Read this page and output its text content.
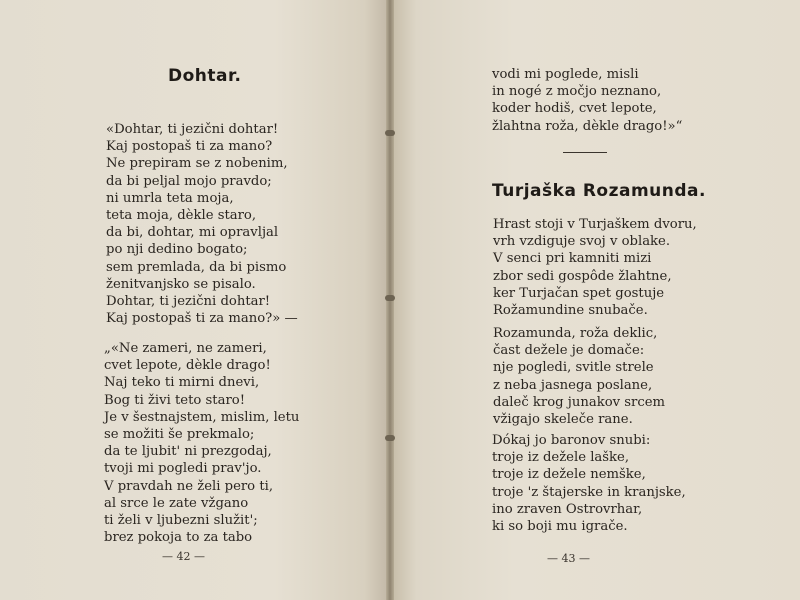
Dohtar.
«Dohtar, ti jezični dohtar!
Kaj postopaš ti za mano?
Ne prepiram se z nobenim,
da bi peljal mojo pravdo;
ni umrla teta moja,
teta moja, dèkle staro,
da bi, dohtar, mi opravljal
po nji dedino bogato;
sem premlada, da bi pismo
ženitvanjsko se pisalo.
Dohtar, ti jezični dohtar!
Kaj postopaš ti za mano?» —
„«Ne zameri, ne zameri,
cvet lepote, dèkle drago!
Naj teko ti mirni dnevi,
Bog ti živi teto staro!
Je v šestnajstem, mislim, letu
se možiti še prekmalo;
da te ljubit' ni prezgodaj,
tvoji mi pogledi prav'jo.
V pravdah ne želi pero ti,
al srce le zate vžgano
ti želi v ljubezni služit';
brez pokoja to za tabo
— 42 —
vodi mi poglede, misli
in nogé z močjo neznano,
koder hodiš, cvet lepote,
žlahtna roža, dèkle drago!»“
Turjaška Rozamunda.
Hrast stoji v Turjaškem dvoru,
vrh vzdiguje svoj v oblake.
V senci pri kamniti mizi
zbor sedi gospôde žlahtne,
ker Turjačan spet gostuje
Rožamundine snubače.
Rozamunda, roža deklic,
čast dežele je domače:
nje pogledi, svitle strele
z neba jasnega poslane,
daleč krog junakov srcem
vžigajo skeleče rane.
Dókaj jo baronov snubi:
troje iz dežele laške,
troje iz dežele nemške,
troje 'z štajerske in kranjske,
ino zraven Ostrovrhar,
ki so boji mu igrače.
— 43 —
